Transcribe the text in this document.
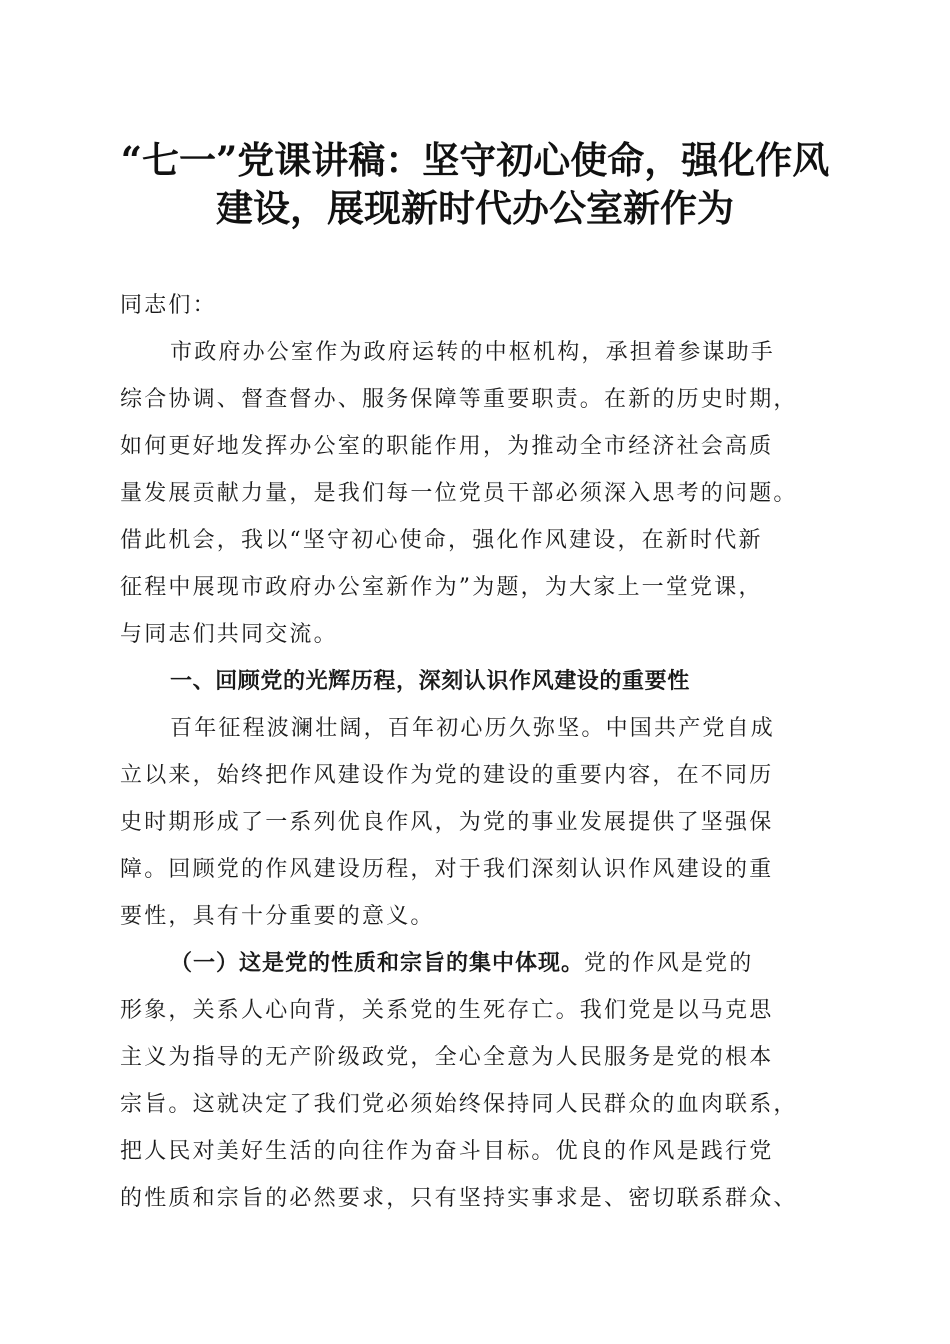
“七一”党课讲稿：坚守初心使命，强化作风
建设，展现新时代办公室新作为
同志们：
市政府办公室作为政府运转的中枢机构，承担着参谋助手
综合协调、督查督办、服务保障等重要职责。在新的历史时期，
如何更好地发挥办公室的职能作用，为推动全市经济社会高质
量发展贡献力量，是我们每一位党员干部必须深入思考的问题。
借此机会，我以“坚守初心使命，强化作风建设，在新时代新
征程中展现市政府办公室新作为”为题，为大家上一堂党课，
与同志们共同交流。
一、回顾党的光辉历程，深刻认识作风建设的重要性
百年征程波澜壮阔，百年初心历久弥坚。中国共产党自成
立以来，始终把作风建设作为党的建设的重要内容，在不同历
史时期形成了一系列优良作风，为党的事业发展提供了坚强保
障。回顾党的作风建设历程，对于我们深刻认识作风建设的重
要性，具有十分重要的意义。
（一）这是党的性质和宗旨的集中体现。党的作风是党的
形象，关系人心向背，关系党的生死存亡。我们党是以马克思
主义为指导的无产阶级政党，全心全意为人民服务是党的根本
宗旨。这就决定了我们党必须始终保持同人民群众的血肉联系，
把人民对美好生活的向往作为奋斗目标。优良的作风是践行党
的性质和宗旨的必然要求，只有坚持实事求是、密切联系群众、
